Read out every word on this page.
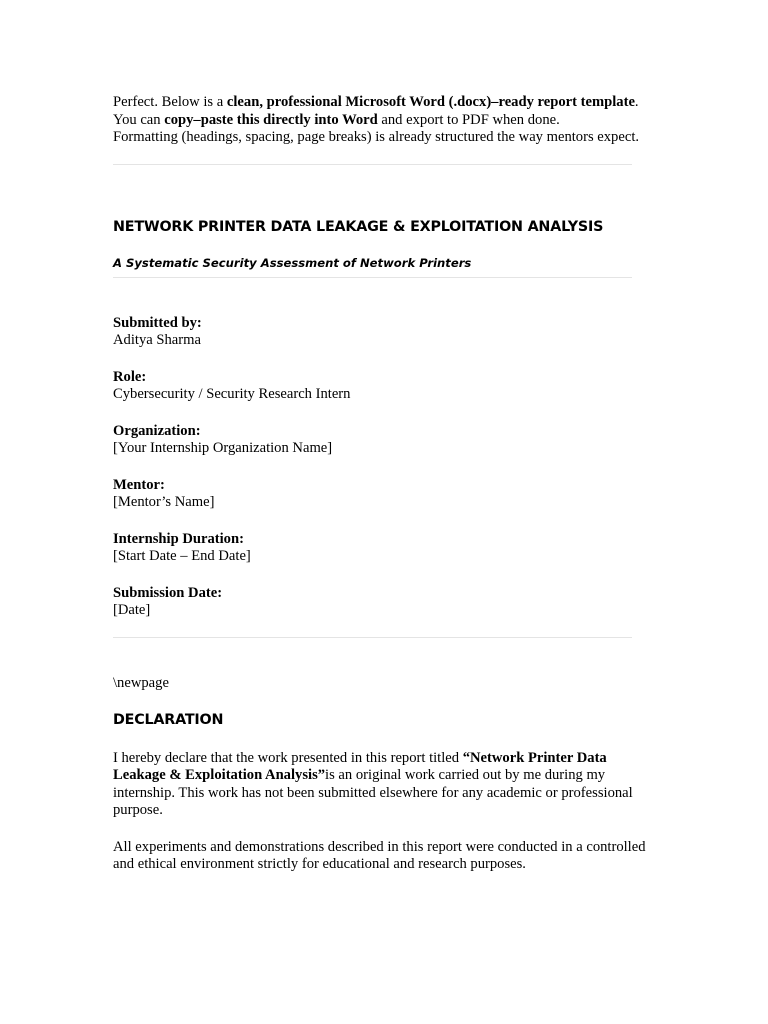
Perfect. Below is a clean, professional Microsoft Word (.docx)–ready report template.

You can copy–paste this directly into Word and export to PDF when done.

Formatting (headings, spacing, page breaks) is already structured the way mentors expect.

NETWORK PRINTER DATA LEAKAGE & EXPLOITATION ANALYSIS
A Systematic Security Assessment of Network Printers

Submitted by:

Aditya Sharma

Role:

Cybersecurity / Security Research Intern

Organization:

[Your Internship Organization Name]

Mentor:

[Mentor’s Name]

Internship Duration:

[Start Date – End Date]

Submission Date:

[Date]

\newpage

DECLARATION

I hereby declare that the work presented in this report titled “Network Printer Data Leakage & Exploitation Analysis”is an original work carried out by me during my internship. This work has not been submitted elsewhere for any academic or professional purpose.

All experiments and demonstrations described in this report were conducted in a controlled and ethical environment strictly for educational and research purposes.
